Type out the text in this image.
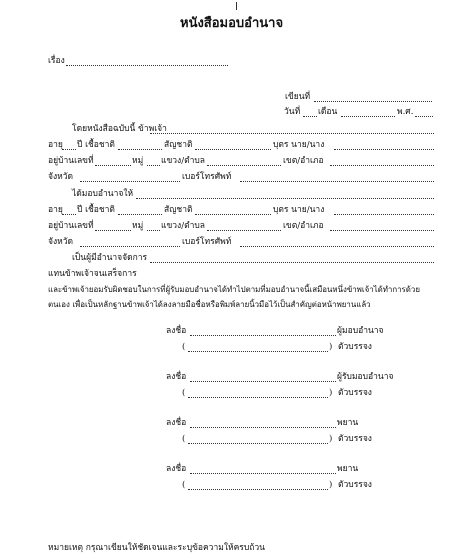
หนังสือมอบอำนาจ
เรื่อง
เขียนที่
วันที่ เดือน	พ.ศ.
โดยหนังสือฉบับนี้ ข้าพเจ้า
อายุ ปี เชื้อชาติ	สัญชาติ	บุตร นาย/นาง
อยู่บ้านเลขที่	หมู่ แขวง/ตำบล	เขต/อำเภอ
จังหวัด	เบอร์โทรศัพท์
ได้มอบอำนาจให้
อายุ ปี เชื้อชาติ	สัญชาติ	บุตร นาย/นาง
อยู่บ้านเลขที่	หมู่ แขวง/ตำบล	เขต/อำเภอ
จังหวัด	เบอร์โทรศัพท์
เป็นผู้มีอำนาจจัดการ
แทนข้าพเจ้าจนเสร็จการ
และข้าพเจ้ายอมรับผิดชอบในการที่ผู้รับมอบอำนาจได้ทำไปตามที่มอบอำนาจนี้เสมือนหนึ่งข้าพเจ้าได้ทำการด้วย
ตนเอง เพื่อเป็นหลักฐานข้าพเจ้าได้ลงลายมือชื่อหรือพิมพ์ลายนิ้วมือไว้เป็นสำคัญต่อหน้าพยานแล้ว
ลงชื่อ	ผู้มอบอำนาจ
(	) ตัวบรรจง
ลงชื่อ	ผู้รับมอบอำนาจ
(	) ตัวบรรจง
ลงชื่อ	พยาน
(	) ตัวบรรจง
ลงชื่อ	พยาน
(	) ตัวบรรจง
หมายเหตุ กรุณาเขียนให้ชัดเจนและระบุข้อความให้ครบถ้วน
